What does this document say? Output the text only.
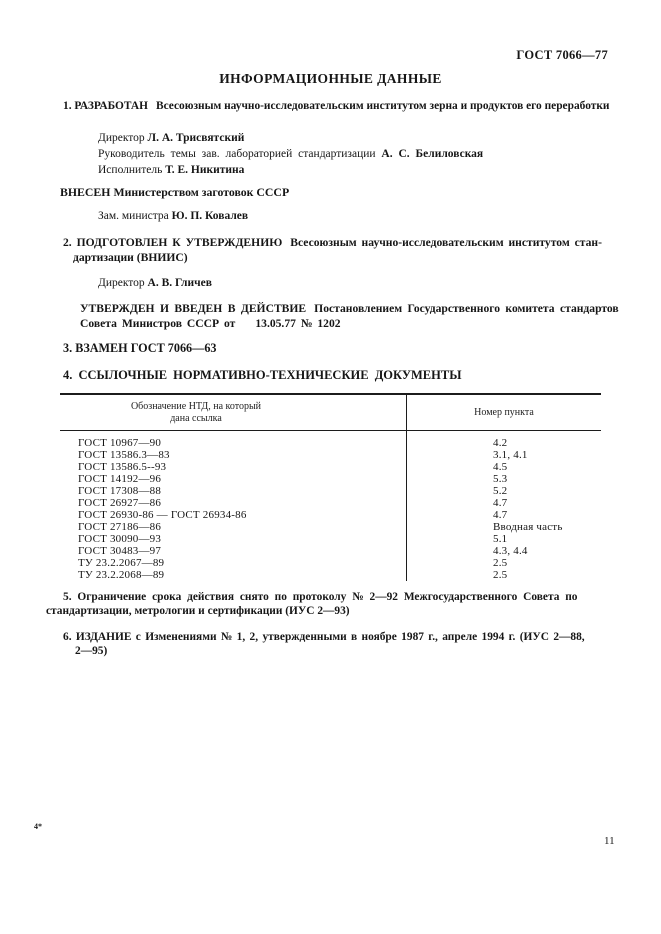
ГОСТ 7066—77
ИНФОРМАЦИОННЫЕ ДАННЫЕ
1. РАЗРАБОТАН Всесоюзным научно-исследовательским институтом зерна и продуктов его переработки
Директор Л. А. Трисвятский
Руководитель темы зав. лабораторией стандартизации А. С. Белиловская
Исполнитель Т. Е. Никитина
ВНЕСЕН Министерством заготовок СССР
Зам. министра Ю. П. Ковалев
2. ПОДГОТОВЛЕН К УТВЕРЖДЕНИЮ Всесоюзным научно-исследовательским институтом стан-
дартизации (ВНИИС)
Директор А. В. Гличев
УТВЕРЖДЕН И ВВЕДЕН В ДЕЙСТВИЕ Постановлением Государственного комитета стандартов
Совета Министров СССР от 13.05.77 № 1202
3. ВЗАМЕН ГОСТ 7066—63
4. ССЫЛОЧНЫЕ НОРМАТИВНО-ТЕХНИЧЕСКИЕ ДОКУМЕНТЫ
Обозначение НТД, на который
дана ссылка	Номер пункта
ГОСТ 10967—90	4.2
ГОСТ 13586.3—83	3.1, 4.1
ГОСТ 13586.5--93	4.5
ГОСТ 14192—96	5.3
ГОСТ 17308—88	5.2
ГОСТ 26927—86	4.7
ГОСТ 26930-86 — ГОСТ 26934-86	4.7
ГОСТ 27186—86	Вводная часть
ГОСТ 30090—93	5.1
ГОСТ 30483—97	4.3, 4.4
ТУ 23.2.2067—89	2.5
ТУ 23.2.2068—89	2.5
5. Ограничение срока действия снято по протоколу № 2—92 Межгосударственного Совета по
стандартизации, метрологии и сертификации (ИУС 2—93)
6. ИЗДАНИЕ с Изменениями № 1, 2, утвержденными в ноябре 1987 г., апреле 1994 г. (ИУС 2—88,
2—95)
4*
11
